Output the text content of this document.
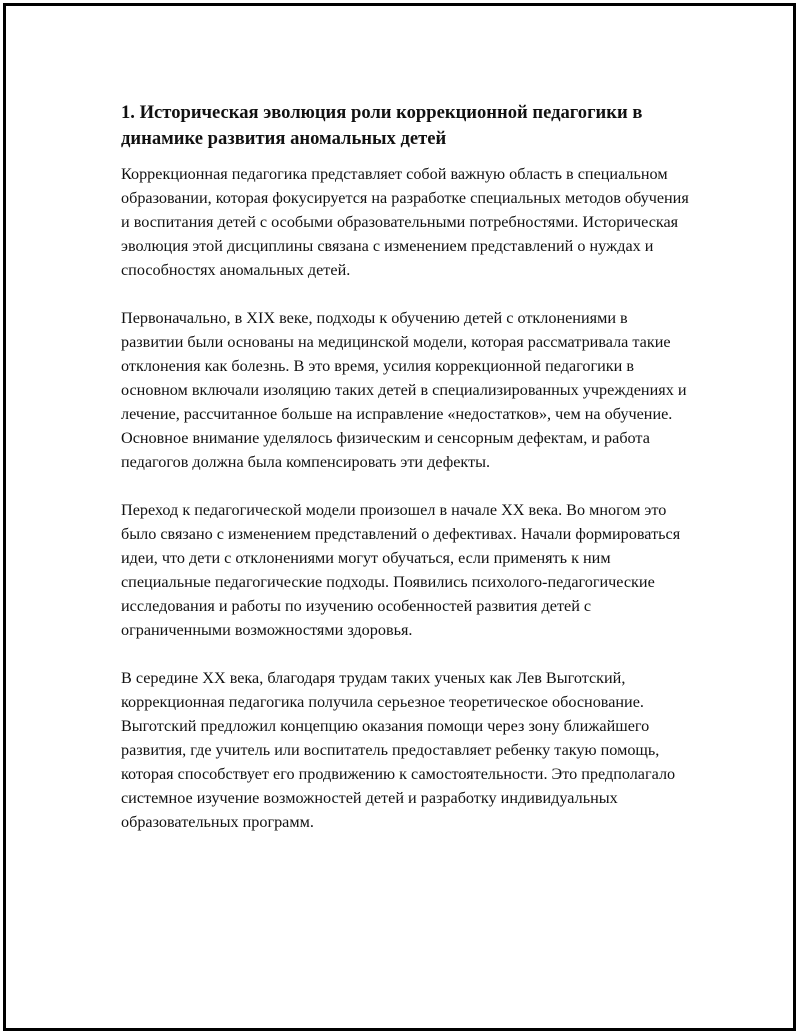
1. Историческая эволюция роли коррекционной педагогики в динамике развития аномальных детей

Коррекционная педагогика представляет собой важную область в специальном образовании, которая фокусируется на разработке специальных методов обучения и воспитания детей с особыми образовательными потребностями. Историческая эволюция этой дисциплины связана с изменением представлений о нуждах и способностях аномальных детей.

Первоначально, в XIX веке, подходы к обучению детей с отклонениями в развитии были основаны на медицинской модели, которая рассматривала такие отклонения как болезнь. В это время, усилия коррекционной педагогики в основном включали изоляцию таких детей в специализированных учреждениях и лечение, рассчитанное больше на исправление «недостатков», чем на обучение. Основное внимание уделялось физическим и сенсорным дефектам, и работа педагогов должна была компенсировать эти дефекты.

Переход к педагогической модели произошел в начале XX века. Во многом это было связано с изменением представлений о дефективах. Начали формироваться идеи, что дети с отклонениями могут обучаться, если применять к ним специальные педагогические подходы. Появились психолого-педагогические исследования и работы по изучению особенностей развития детей с ограниченными возможностями здоровья.

В середине XX века, благодаря трудам таких ученых как Лев Выготский, коррекционная педагогика получила серьезное теоретическое обоснование. Выготский предложил концепцию оказания помощи через зону ближайшего развития, где учитель или воспитатель предоставляет ребенку такую помощь, которая способствует его продвижению к самостоятельности. Это предполагало системное изучение возможностей детей и разработку индивидуальных образовательных программ.
